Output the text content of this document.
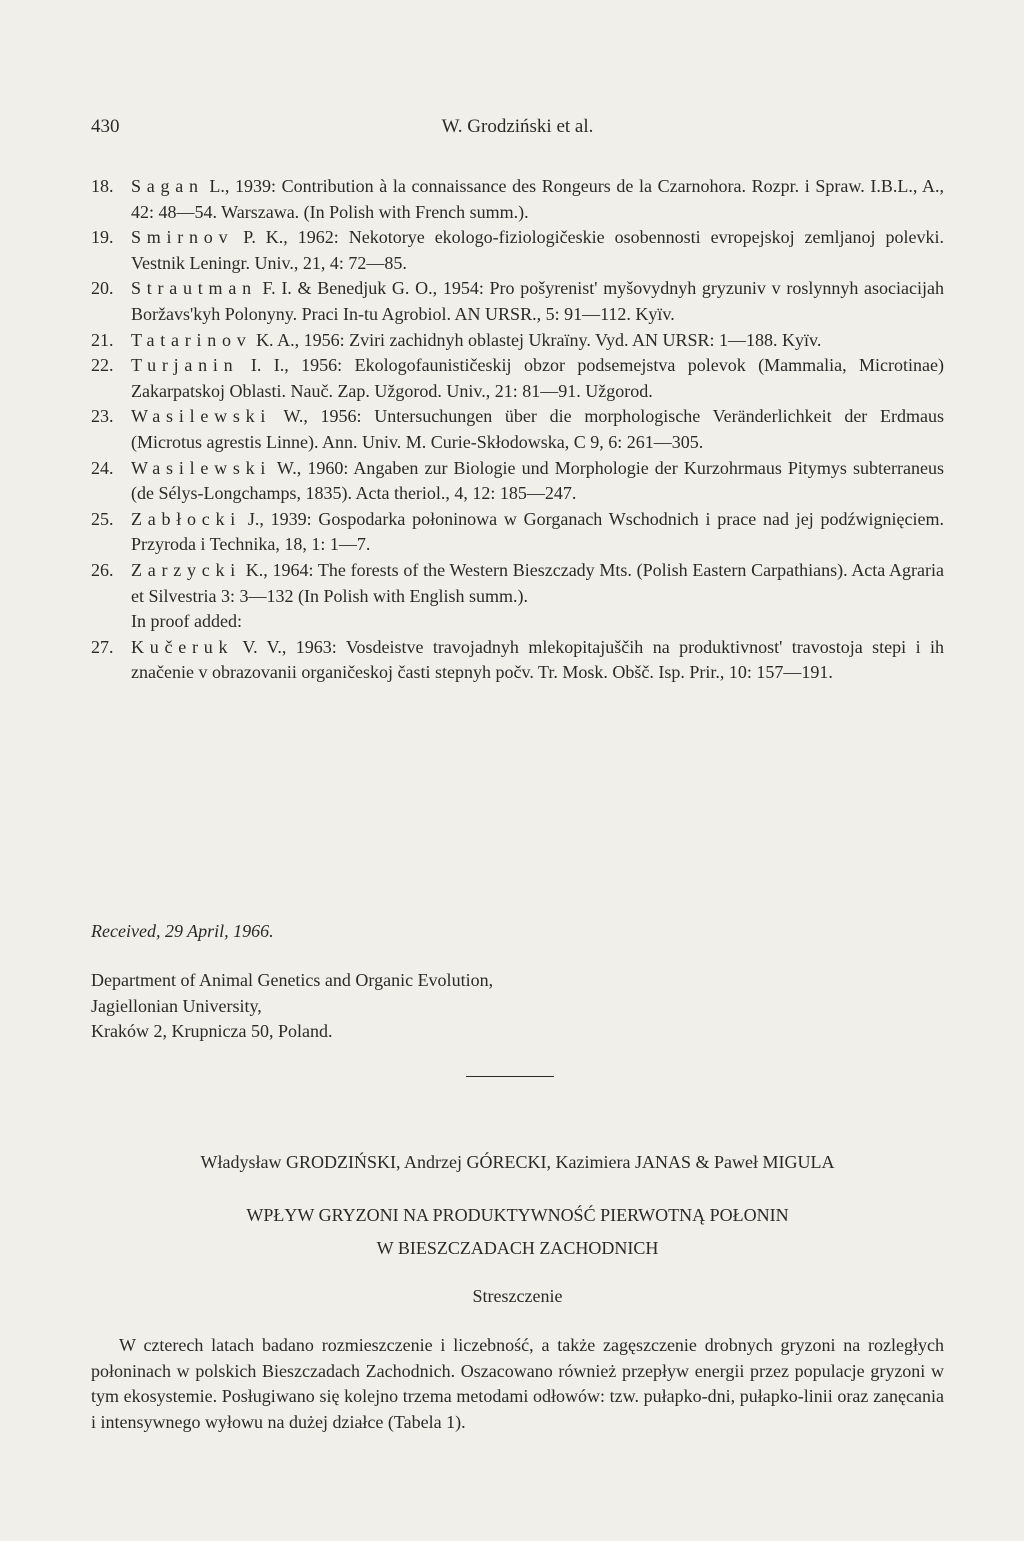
430	W. Grodziński et al.
18. Sagan L., 1939: Contribution à la connaissance des Rongeurs de la Czarnohora. Rozpr. i Spraw. I.B.L., A., 42: 48—54. Warszawa. (In Polish with French summ.).
19. Smirnov P. K., 1962: Nekotorye ekologo-fiziologičeskie osobennosti evropejskoj zemljanoj polevki. Vestnik Leningr. Univ., 21, 4: 72—85.
20. Strautman F. I. & Benedjuk G. O., 1954: Pro pošyrenist' myšovydnyh gryzuniv v roslynnyh asociacijah Boržavs'kyh Polonyny. Praci In-tu Agrobiol. AN URSR., 5: 91—112. Kyïv.
21. Tatarinov K. A., 1956: Zviri zachidnyh oblastej Ukraïny. Vyd. AN URSR: 1—188. Kyïv.
22. Turjanin I. I., 1956: Ekologofaunističeskij obzor podsemejstva polevok (Mammalia, Microtinae) Zakarpatskoj Oblasti. Nauč. Zap. Užgorod. Univ., 21: 81—91. Užgorod.
23. Wasilewski W., 1956: Untersuchungen über die morphologische Veränderlichkeit der Erdmaus (Microtus agrestis Linne). Ann. Univ. M. Curie-Skłodowska, C 9, 6: 261—305.
24. Wasilewski W., 1960: Angaben zur Biologie und Morphologie der Kurzohrmaus Pitymys subterraneus (de Sélys-Longchamps, 1835). Acta theriol., 4, 12: 185—247.
25. Zabłocki J., 1939: Gospodarka połoninowa w Gorganach Wschodnich i prace nad jej podźwignięciem. Przyroda i Technika, 18, 1: 1—7.
26. Zarzycki K., 1964: The forests of the Western Bieszczady Mts. (Polish Eastern Carpathians). Acta Agraria et Silvestria 3: 3—132 (In Polish with English summ.).
In proof added:
27. Kučeruk V. V., 1963: Vosdeistve travojadnyh mlekopitajuščih na produktivnost' travostoja stepi i ih značenie v obrazovanii organičeskoj časti stepnyh počv. Tr. Mosk. Obšč. Isp. Prir., 10: 157—191.
Received, 29 April, 1966.
Department of Animal Genetics and Organic Evolution,
Jagiellonian University,
Kraków 2, Krupnicza 50, Poland.
Władysław GRODZIŃSKI, Andrzej GÓRECKI, Kazimiera JANAS & Paweł MIGULA
WPŁYW GRYZONI NA PRODUKTYWNOŚĆ PIERWOTNĄ POŁONIN
W BIESZCZADACH ZACHODNICH
Streszczenie
W czterech latach badano rozmieszczenie i liczebność, a także zagęszczenie drobnych gryzoni na rozległych połoninach w polskich Bieszczadach Zachodnich. Oszacowano również przepływ energii przez populacje gryzoni w tym ekosystemie. Posługiwano się kolejno trzema metodami odłowów: tzw. pułapko-dni, pułapko-linii oraz zanęcania i intensywnego wyłowu na dużej działce (Tabela 1).
